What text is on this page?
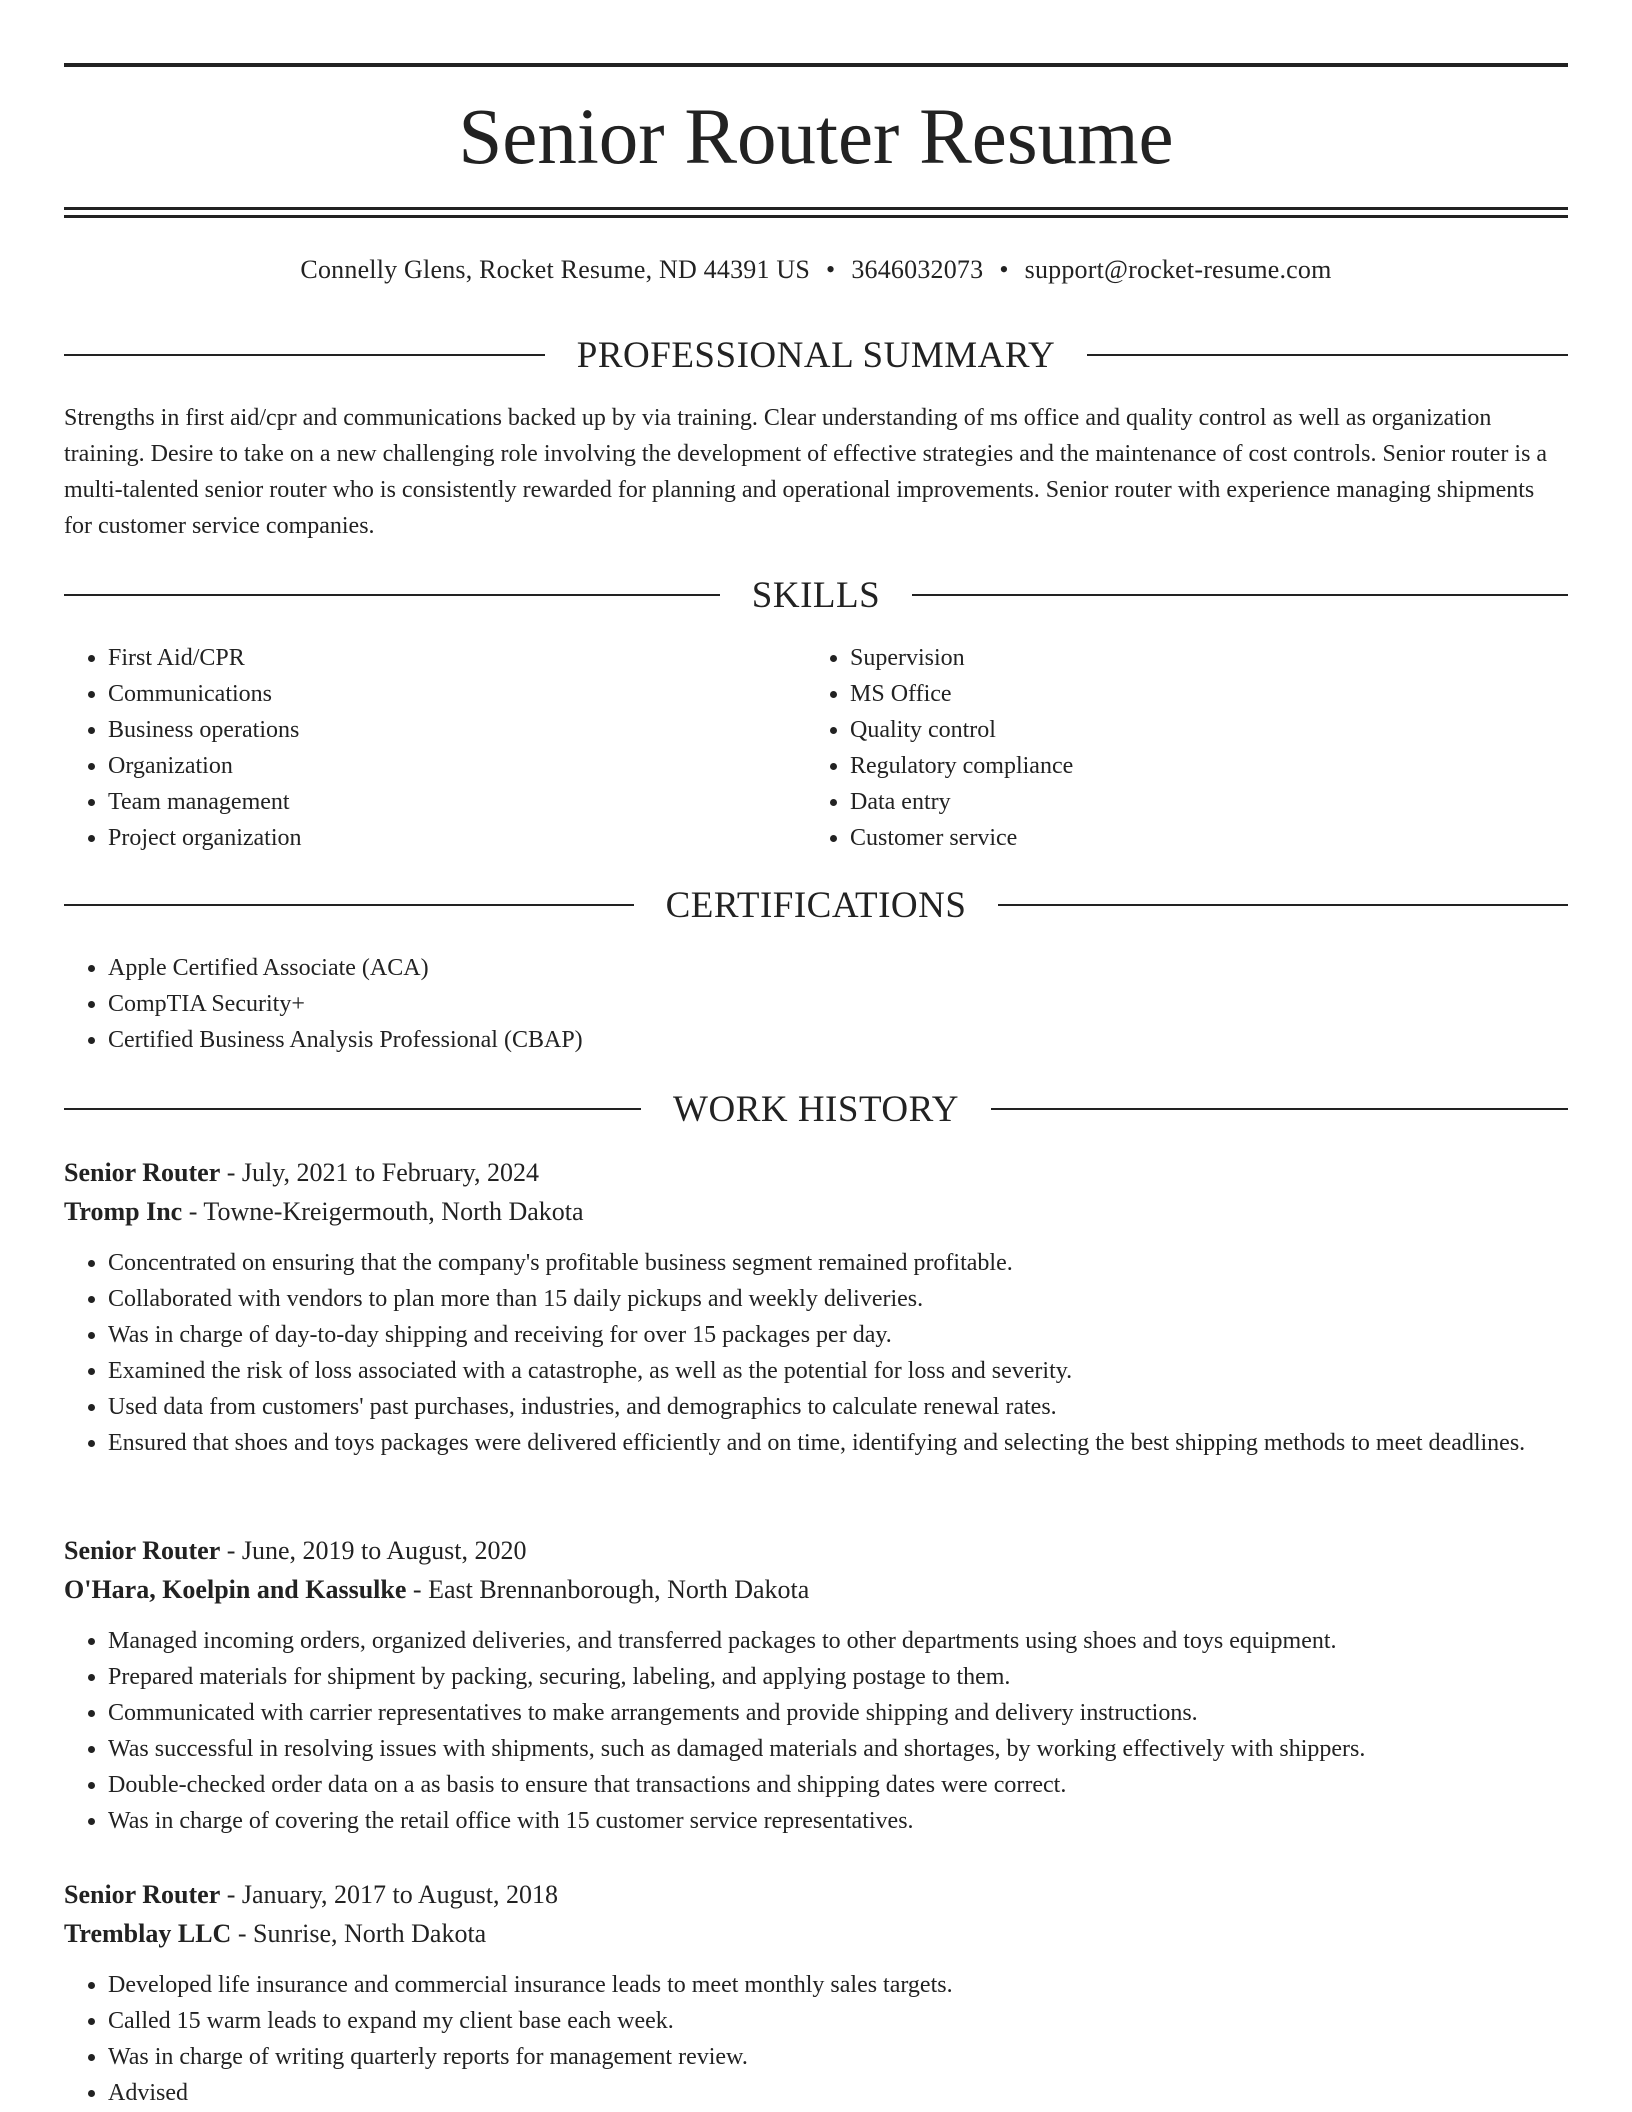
Senior Router Resume
Connelly Glens, Rocket Resume, ND 44391 US • 3646032073 • support@rocket-resume.com
PROFESSIONAL SUMMARY

Strengths in first aid/cpr and communications backed up by via training. Clear understanding of ms office and quality control as well as organization training. Desire to take on a new challenging role involving the development of effective strategies and the maintenance of cost controls. Senior router is a multi-talented senior router who is consistently rewarded for planning and operational improvements. Senior router with experience managing shipments for customer service companies.

SKILLS
• First Aid/CPR
• Communications
• Business operations
• Organization
• Team management
• Project organization
• Supervision
• MS Office
• Quality control
• Regulatory compliance
• Data entry
• Customer service
CERTIFICATIONS
• Apple Certified Associate (ACA)
• CompTIA Security+
• Certified Business Analysis Professional (CBAP)
WORK HISTORY
Senior Router - July, 2021 to February, 2024
Tromp Inc - Towne-Kreigermouth, North Dakota
• Concentrated on ensuring that the company's profitable business segment remained profitable.
• Collaborated with vendors to plan more than 15 daily pickups and weekly deliveries.
• Was in charge of day-to-day shipping and receiving for over 15 packages per day.
• Examined the risk of loss associated with a catastrophe, as well as the potential for loss and severity.
• Used data from customers' past purchases, industries, and demographics to calculate renewal rates.
• Ensured that shoes and toys packages were delivered efficiently and on time, identifying and selecting the best shipping methods to meet deadlines.
Senior Router - June, 2019 to August, 2020
O'Hara, Koelpin and Kassulke - East Brennanborough, North Dakota
• Managed incoming orders, organized deliveries, and transferred packages to other departments using shoes and toys equipment.
• Prepared materials for shipment by packing, securing, labeling, and applying postage to them.
• Communicated with carrier representatives to make arrangements and provide shipping and delivery instructions.
• Was successful in resolving issues with shipments, such as damaged materials and shortages, by working effectively with shippers.
• Double-checked order data on a as basis to ensure that transactions and shipping dates were correct.
• Was in charge of covering the retail office with 15 customer service representatives.
Senior Router - January, 2017 to August, 2018
Tremblay LLC - Sunrise, North Dakota
• Developed life insurance and commercial insurance leads to meet monthly sales targets.
• Called 15 warm leads to expand my client base each week.
• Was in charge of writing quarterly reports for management review.
• Advised
